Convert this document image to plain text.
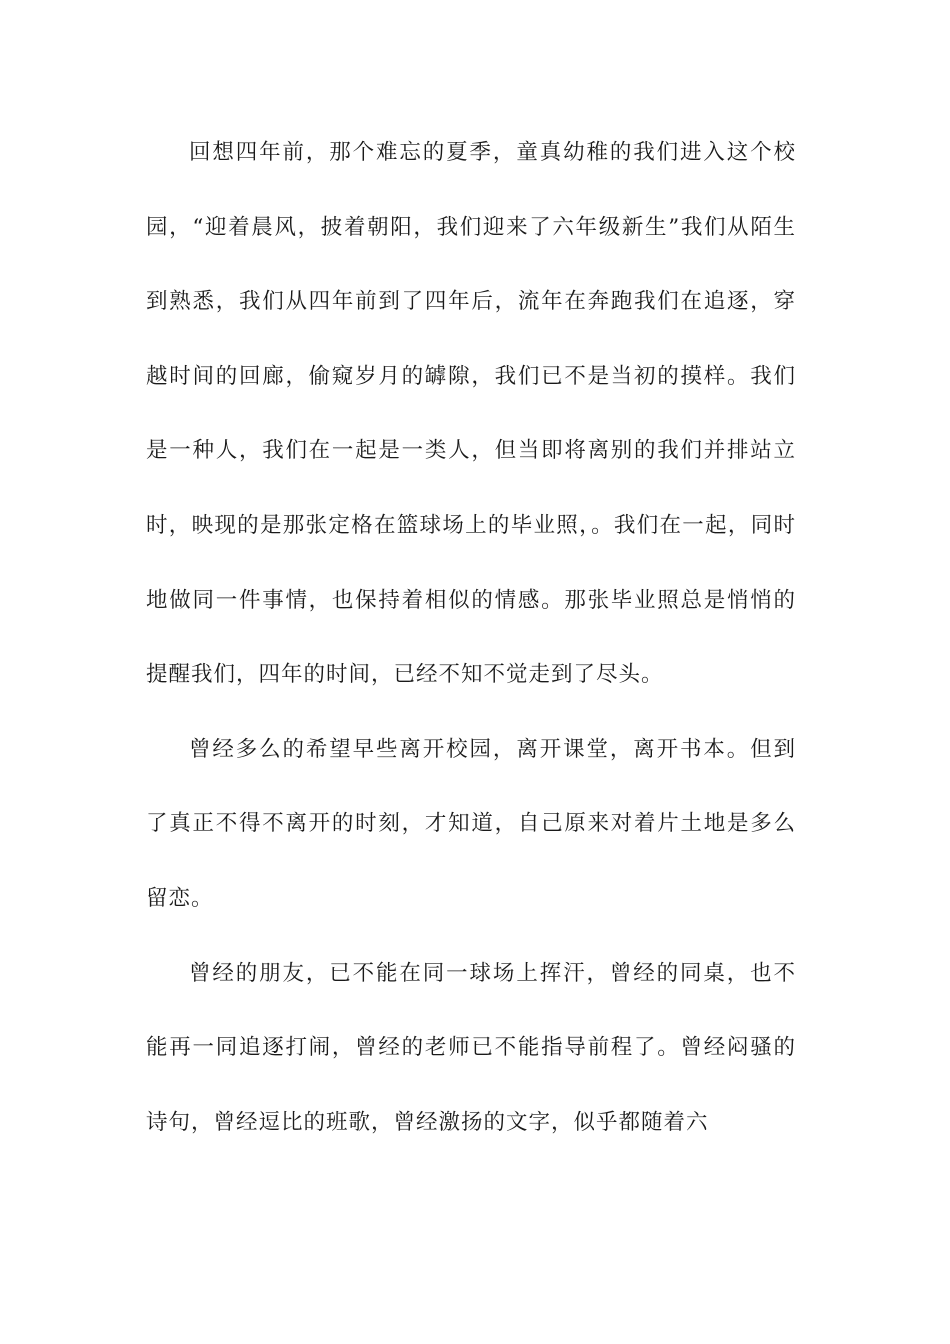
回想四年前，那个难忘的夏季，童真幼稚的我们进入这个校园，“迎着晨风，披着朝阳，我们迎来了六年级新生”我们从陌生到熟悉，我们从四年前到了四年后，流年在奔跑我们在追逐，穿越时间的回廊，偷窥岁月的罅隙，我们已不是当初的摸样。我们是一种人，我们在一起是一类人，但当即将离别的我们并排站立时，映现的是那张定格在篮球场上的毕业照，。我们在一起，同时地做同一件事情，也保持着相似的情感。那张毕业照总是悄悄的提醒我们，四年的时间，已经不知不觉走到了尽头。

曾经多么的希望早些离开校园，离开课堂，离开书本。但到了真正不得不离开的时刻，才知道，自己原来对着片土地是多么留恋。

曾经的朋友，已不能在同一球场上挥汗，曾经的同桌，也不能再一同追逐打闹，曾经的老师已不能指导前程了。曾经闷骚的诗句，曾经逗比的班歌，曾经激扬的文字，似乎都随着六
